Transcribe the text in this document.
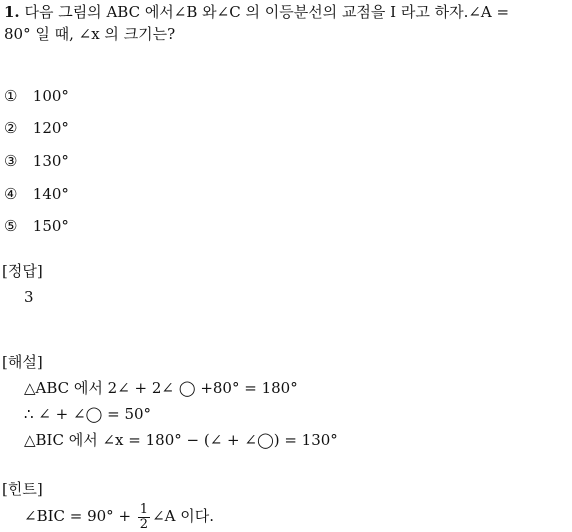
1. 다음 그림의 ABC 에서∠B 와∠C 의 이등분선의 교점을 I 라고 하자.∠A =
80° 일 때, ∠x 의 크기는?
① 100°
② 120°
③ 130°
④ 140°
⑤ 150°
[정답]
3
[해설]
△ABC 에서 2∠ + 2∠ ◯ +80° = 180°
∴ ∠ + ∠◯ = 50°
△BIC 에서 ∠x = 180° − (∠ + ∠◯) = 130°
[힌트]
∠BIC = $90^\circ + \frac{1}{2}$ ∠A 이다.
